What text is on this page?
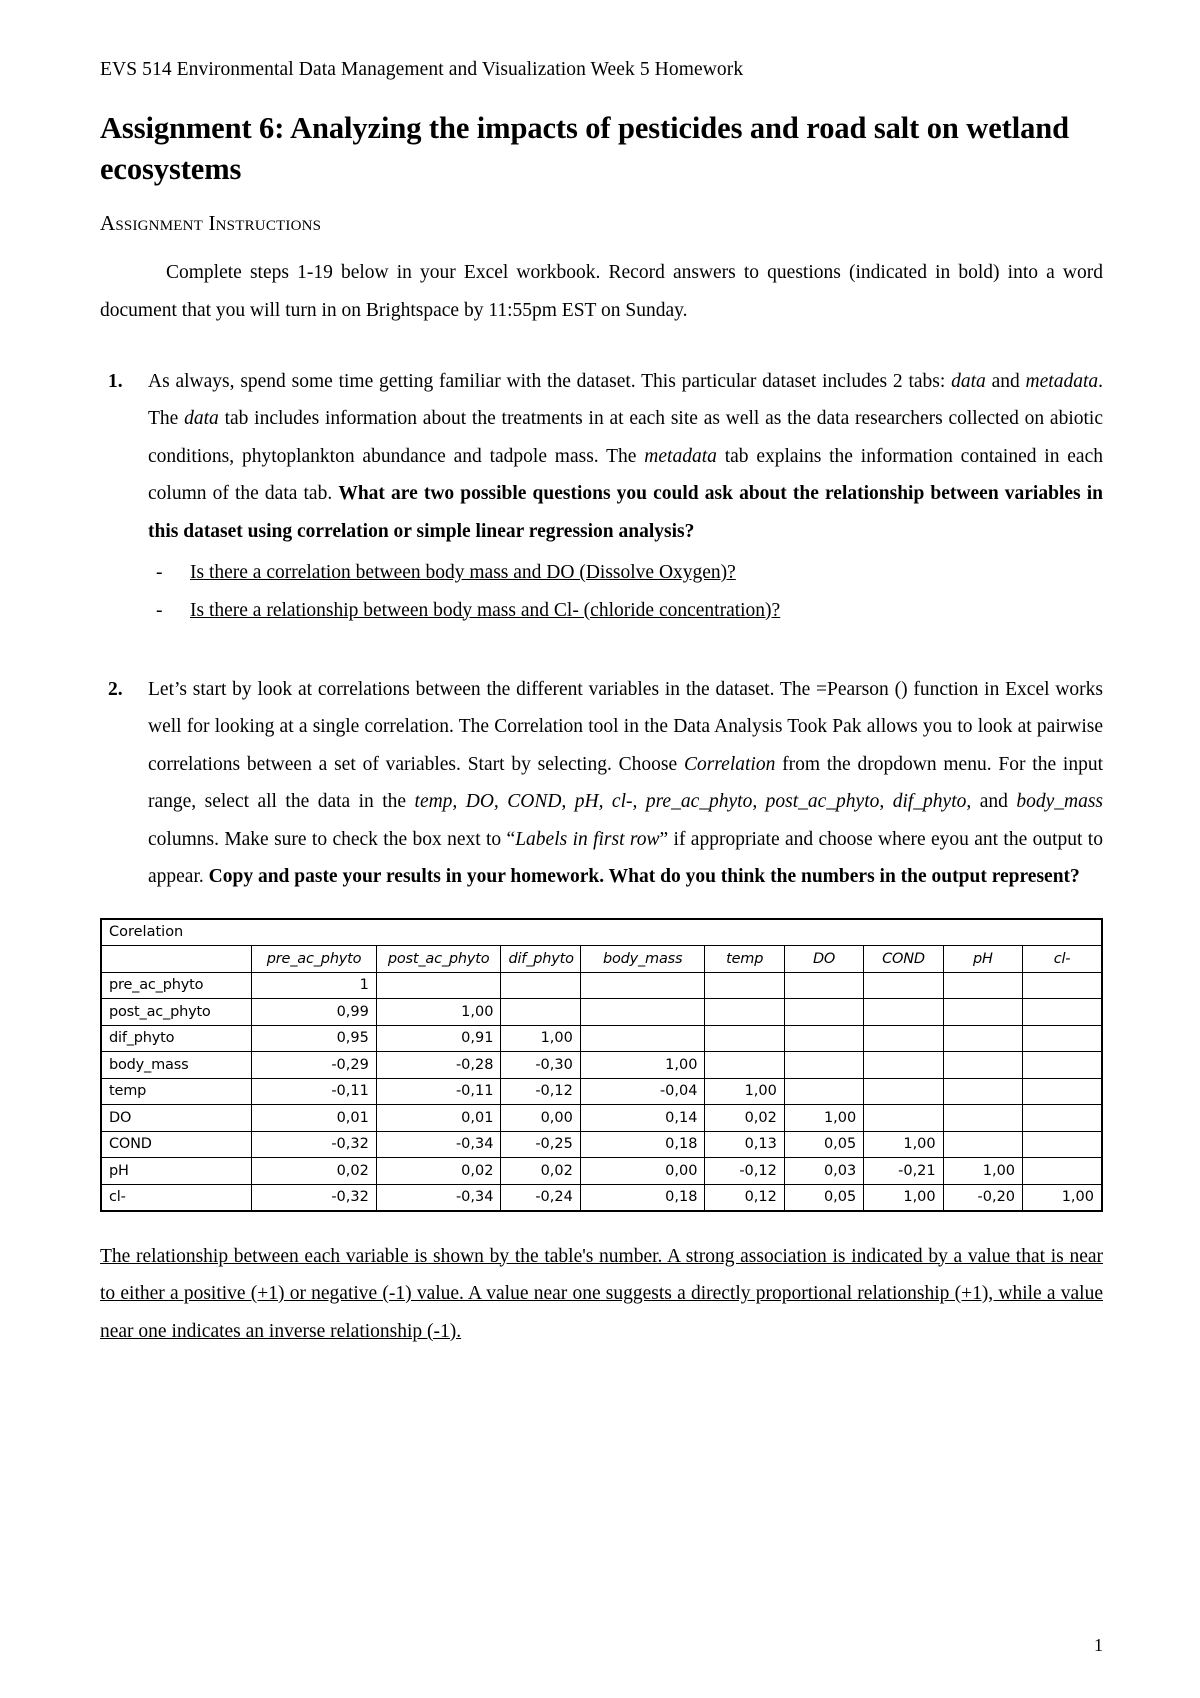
EVS 514 Environmental Data Management and Visualization Week 5 Homework
Assignment 6: Analyzing the impacts of pesticides and road salt on wetland ecosystems
Assignment Instructions

Complete steps 1-19 below in your Excel workbook. Record answers to questions (indicated in bold) into a word document that you will turn in on Brightspace by 11:55pm EST on Sunday.

1. As always, spend some time getting familiar with the dataset. This particular dataset includes 2 tabs: data and metadata. The data tab includes information about the treatments in at each site as well as the data researchers collected on abiotic conditions, phytoplankton abundance and tadpole mass. The metadata tab explains the information contained in each column of the data tab. What are two possible questions you could ask about the relationship between variables in this dataset using correlation or simple linear regression analysis?
- Is there a correlation between body mass and DO (Dissolve Oxygen)?
- Is there a relationship between body mass and Cl- (chloride concentration)?
2. Let’s start by look at correlations between the different variables in the dataset. The =Pearson () function in Excel works well for looking at a single correlation. The Correlation tool in the Data Analysis Took Pak allows you to look at pairwise correlations between a set of variables. Start by selecting. Choose Correlation from the dropdown menu. For the input range, select all the data in the temp, DO, COND, pH, cl-, pre_ac_phyto, post_ac_phyto, dif_phyto, and body_mass columns. Make sure to check the box next to “Labels in first row” if appropriate and choose where eyou ant the output to appear. Copy and paste your results in your homework. What do you think the numbers in the output represent?
Corelation									
	pre_ac_phyto	post_ac_phyto	dif_phyto	body_mass	temp	DO	COND	pH	cl-
pre_ac_phyto	1								
post_ac_phyto	0,99	1,00							
dif_phyto	0,95	0,91	1,00						
body_mass	-0,29	-0,28	-0,30	1,00					
temp	-0,11	-0,11	-0,12	-0,04	1,00				
DO	0,01	0,01	0,00	0,14	0,02	1,00			
COND	-0,32	-0,34	-0,25	0,18	0,13	0,05	1,00		
pH	0,02	0,02	0,02	0,00	-0,12	0,03	-0,21	1,00	
cl-	-0,32	-0,34	-0,24	0,18	0,12	0,05	1,00	-0,20	1,00
The relationship between each variable is shown by the table's number. A strong association is indicated by a value that is near to either a positive (+1) or negative (-1) value. A value near one suggests a directly proportional relationship (+1), while a value near one indicates an inverse relationship (-1).
1
